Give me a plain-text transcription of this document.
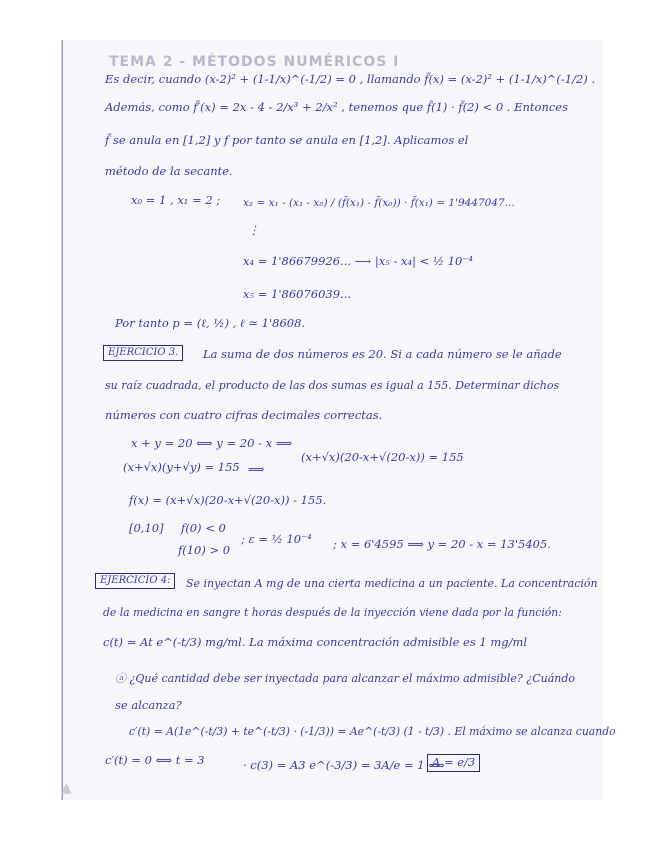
TEMA 2 - MÉTODOS NUMÉRICOS I
Es decir, cuando (x-2)² + (1-1/x)^(-1/2) = 0 , llamando f̃(x) = (x-2)² + (1-1/x)^(-1/2) .
Además, como f̃′(x) = 2x - 4 - 2/x³ + 2/x² , tenemos que f̃(1) · f̃(2) < 0 . Entonces
f̃ se anula en [1,2] y f por tanto se anula en [1,2]. Aplicamos el
método de la secante.
x₀ = 1 , x₁ = 2 ; x₂ = x₁ - (x₁ - x₀) / (f̃(x₁) - f̃(x₀)) · f̃(x₁) = 1'9447047...
⋮
x₄ = 1'86679926... ⟶ |x₅ - x₄| < ½ 10⁻⁴
x₅ = 1'86076039...
Por tanto p = (ℓ, ½) , ℓ ≃ 1'8608.
EJERCICIO 3.	La suma de dos números es 20. Si a cada número se le añade
su raíz cuadrada, el producto de las dos sumas es igual a 155. Determinar dichos
números con cuatro cifras decimales correctas.
x + y = 20 ⟺ y = 20 - x ⟹
(x+√x)(y+√y) = 155 ⟹
(x+√x)(20-x+√(20-x)) = 155
f(x) = (x+√x)(20-x+√(20-x)) - 155.
[0,10] f(0) < 0
f(10) > 0
; ε = ½ 10⁻⁴ ; x = 6'4595 ⟹ y = 20 - x = 13'5405.
EJERCICIO 4:	Se inyectan A mg de una cierta medicina a un paciente. La concentración
de la medicina en sangre t horas después de la inyección viene dada por la función:
c(t) = At e^(-t/3) mg/ml. La máxima concentración admisible es 1 mg/ml
ⓐ ¿Qué cantidad debe ser inyectada para alcanzar el máximo admisible? ¿Cuándo
se alcanza?
c′(t) = A(1e^(-t/3) + te^(-t/3) · (-1/3)) = Ae^(-t/3) (1 - t/3) . El máximo se alcanza cuando
c′(t) = 0 ⟺ t = 3	· c(3) = A3 e^(-3/3) = 3A/e = 1 ⟺
A = e/3
▲
